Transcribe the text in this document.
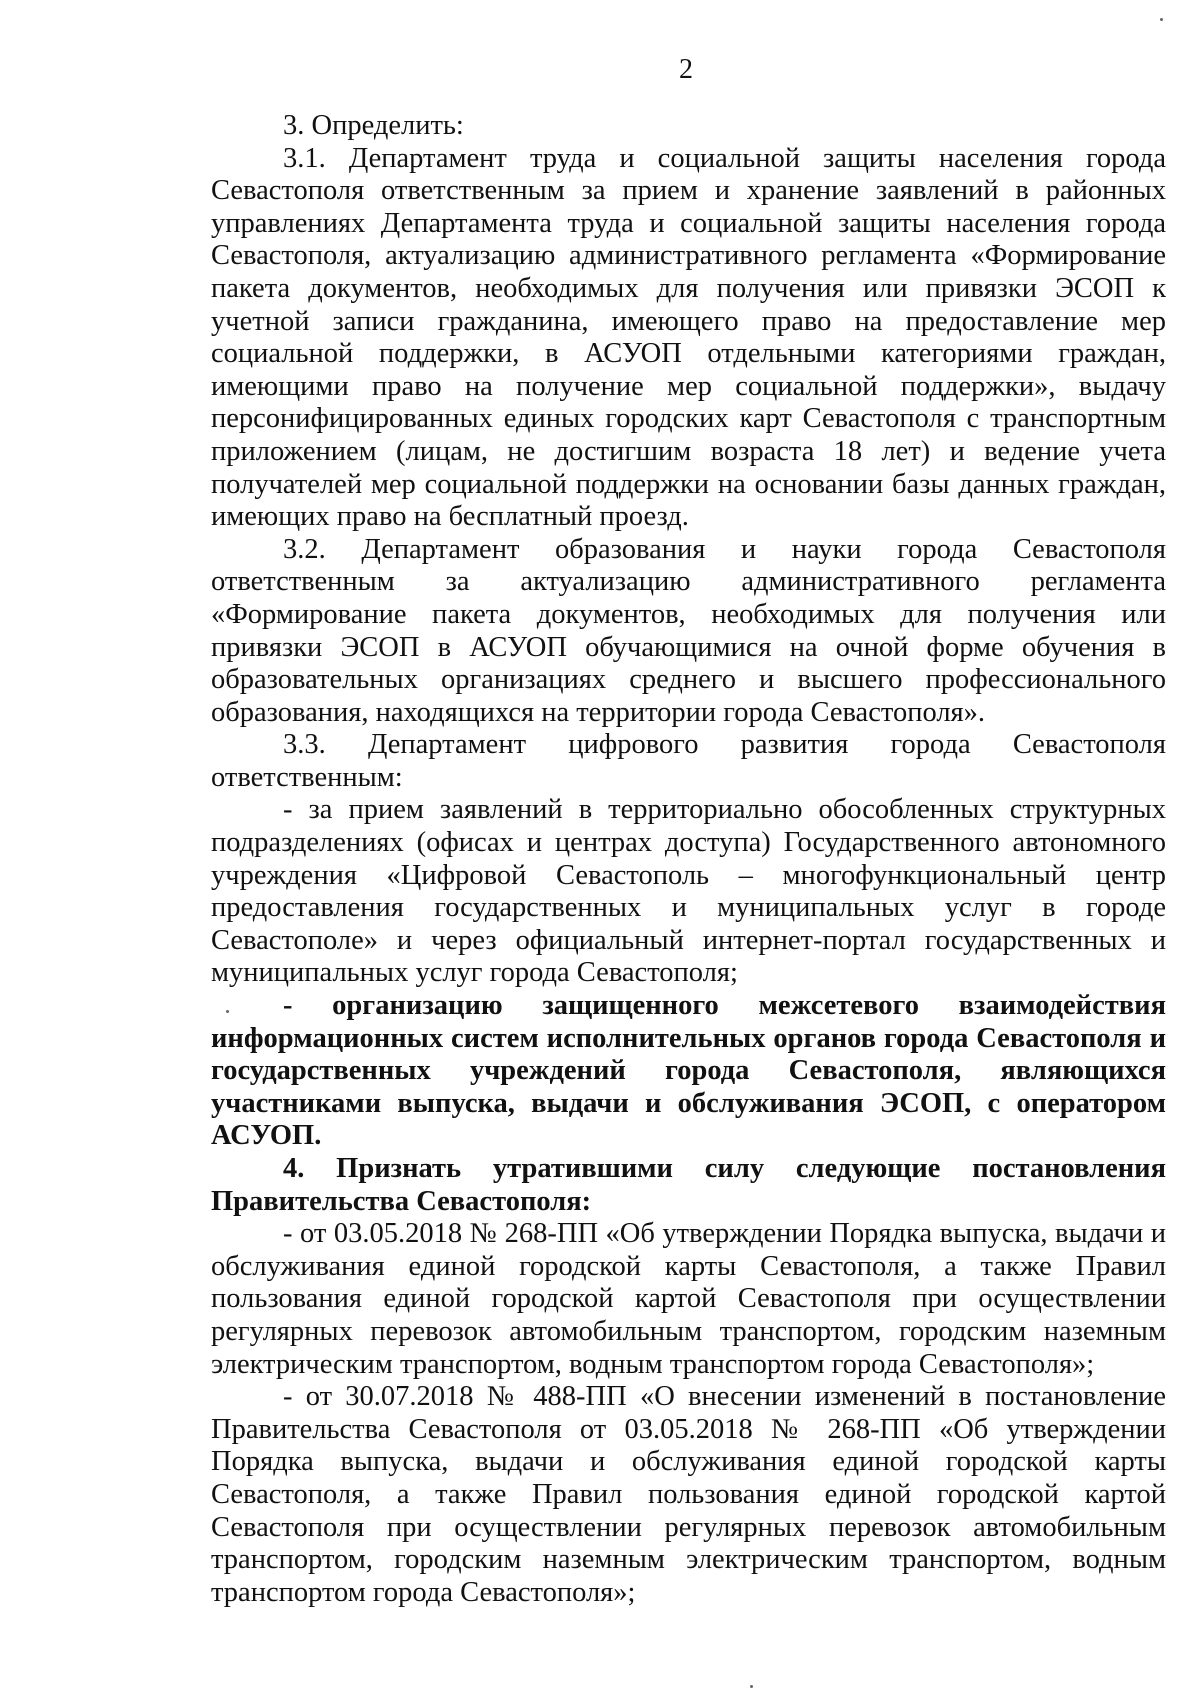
2

3. Определить:

3.1. Департамент труда и социальной защиты населения города Севастополя ответственным за прием и хранение заявлений в районных управлениях Департамента труда и социальной защиты населения города Севастополя, актуализацию административного регламента «Формирование пакета документов, необходимых для получения или привязки ЭСОП к учетной записи гражданина, имеющего право на предоставление мер социальной поддержки, в АСУОП отдельными категориями граждан, имеющими право на получение мер социальной поддержки», выдачу персонифицированных единых городских карт Севастополя с транспортным приложением (лицам, не достигшим возраста 18 лет) и ведение учета получателей мер социальной поддержки на основании базы данных граждан, имеющих право на бесплатный проезд.

3.2. Департамент образования и науки города Севастополя ответственным за актуализацию административного регламента «Формирование пакета документов, необходимых для получения или привязки ЭСОП в АСУОП обучающимися на очной форме обучения в образовательных организациях среднего и высшего профессионального образования, находящихся на территории города Севастополя».

3.3. Департамент цифрового развития города Севастополя ответственным:

- за прием заявлений в территориально обособленных структурных подразделениях (офисах и центрах доступа) Государственного автономного учреждения «Цифровой Севастополь – многофункциональный центр предоставления государственных и муниципальных услуг в городе Севастополе» и через официальный интернет-портал государственных и муниципальных услуг города Севастополя;

- организацию защищенного межсетевого взаимодействия информационных систем исполнительных органов города Севастополя и государственных учреждений города Севастополя, являющихся участниками выпуска, выдачи и обслуживания ЭСОП, с оператором АСУОП.

4. Признать утратившими силу следующие постановления Правительства Севастополя:

- от 03.05.2018 № 268-ПП «Об утверждении Порядка выпуска, выдачи и обслуживания единой городской карты Севастополя, а также Правил пользования единой городской картой Севастополя при осуществлении регулярных перевозок автомобильным транспортом, городским наземным электрическим транспортом, водным транспортом города Севастополя»;

- от 30.07.2018 № 488-ПП «О внесении изменений в постановление Правительства Севастополя от 03.05.2018 № 268-ПП «Об утверждении Порядка выпуска, выдачи и обслуживания единой городской карты Севастополя, а также Правил пользования единой городской картой Севастополя при осуществлении регулярных перевозок автомобильным транспортом, городским наземным электрическим транспортом, водным транспортом города Севастополя»;
